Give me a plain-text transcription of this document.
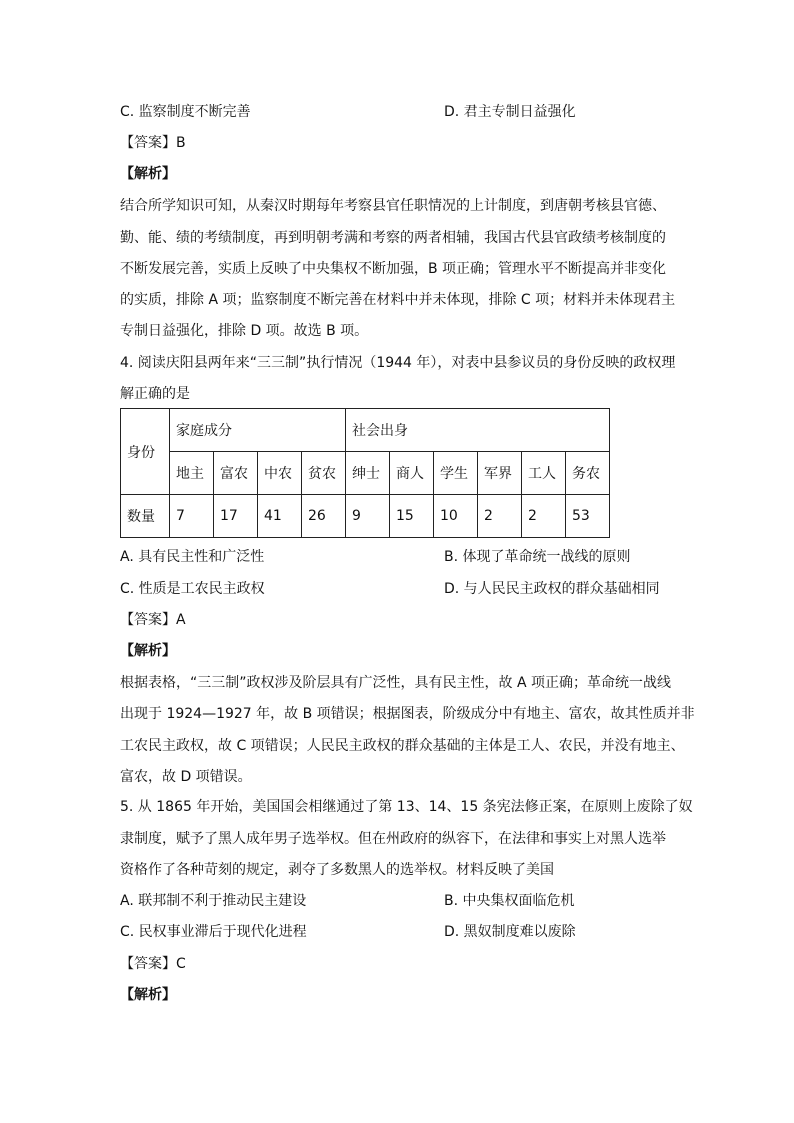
C. 监察制度不断完善	D. 君主专制日益强化
【答案】B
【解析】
结合所学知识可知，从秦汉时期每年考察县官任职情况的上计制度，到唐朝考核县官德、
勤、能、绩的考绩制度，再到明朝考满和考察的两者相辅，我国古代县官政绩考核制度的
不断发展完善，实质上反映了中央集权不断加强，B 项正确；管理水平不断提高并非变化
的实质，排除 A 项；监察制度不断完善在材料中并未体现，排除 C 项；材料并未体现君主
专制日益强化，排除 D 项。故选 B 项。
4. 阅读庆阳县两年来“三三制”执行情况（1944 年），对表中县参议员的身份反映的政权理
解正确的是
身份	家庭成分				社会出身					
	地主	富农	中农	贫农	绅士	商人	学生	军界	工人	务农
数量	7	17	41	26	9	15	10	2	2	53
A. 具有民主性和广泛性	B. 体现了革命统一战线的原则
C. 性质是工农民主政权	D. 与人民民主政权的群众基础相同
【答案】A
【解析】
根据表格，“三三制”政权涉及阶层具有广泛性，具有民主性，故 A 项正确；革命统一战线
出现于 1924—1927 年，故 B 项错误；根据图表，阶级成分中有地主、富农，故其性质并非
工农民主政权，故 C 项错误；人民民主政权的群众基础的主体是工人、农民，并没有地主、
富农，故 D 项错误。
5. 从 1865 年开始，美国国会相继通过了第 13、14、15 条宪法修正案，在原则上废除了奴
隶制度，赋予了黑人成年男子选举权。但在州政府的纵容下，在法律和事实上对黑人选举
资格作了各种苛刻的规定，剥夺了多数黑人的选举权。材料反映了美国
A. 联邦制不利于推动民主建设	B. 中央集权面临危机
C. 民权事业滞后于现代化进程	D. 黑奴制度难以废除
【答案】C
【解析】
